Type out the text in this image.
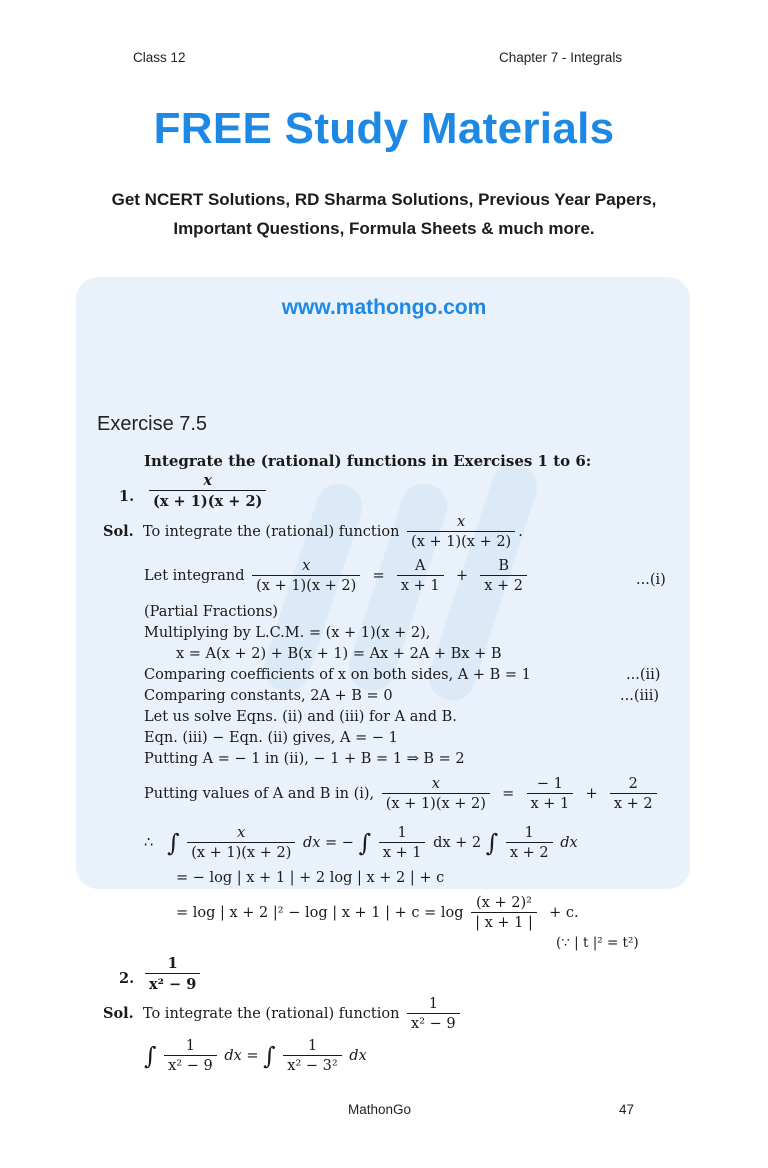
Class 12	Chapter 7 - Integrals
FREE Study Materials
Get NCERT Solutions, RD Sharma Solutions, Previous Year Papers,
Important Questions, Formula Sheets & much more.
www.mathongo.com
Exercise 7.5
Integrate the (rational) functions in Exercises 1 to 6:
1. $\frac{x}{(x + 1)(x + 2)}$
Sol. To integrate the (rational) function $\frac{x}{(x + 1)(x + 2)}$ .
Let integrand $\frac{x}{(x + 1)(x + 2)} = \frac{A}{x + 1} + \frac{B}{x + 2}$	...(i)
(Partial Fractions)
Multiplying by L.C.M. = (x + 1)(x + 2),
x = A(x + 2) + B(x + 1) = Ax + 2A + Bx + B
Comparing coefficients of x on both sides, A + B = 1	...(ii)
Comparing constants, 2A + B = 0	...(iii)
Let us solve Eqns. (ii) and (iii) for A and B.
Eqn. (iii) − Eqn. (ii) gives, A = − 1
Putting A = − 1 in (ii), − 1 + B = 1 ⇒ B = 2
Putting values of A and B in (i), $\frac{x}{(x + 1)(x + 2)} = \frac{- 1}{x + 1} + \frac{2}{x + 2}$
∴ ∫ $\frac{x}{(x + 1)(x + 2)}$ dx = − ∫ $\frac{1}{x + 1}$ dx + 2 ∫ $\frac{1}{x + 2}$ dx
= − log | x + 1 | + 2 log | x + 2 | + c
= log | x + 2 |² − log | x + 1 | + $c = \log \frac{\text{(x + 2)²}}{| x + 1 |} + c$.
(∵ | t |² = t²)
2. $\frac{1}{\text{x² − 9}}$
Sol. To integrate the (rational) function $\frac{1}{\text{x² − 9}}$
∫ $\frac{1}{\text{x² − 9}}$ dx = ∫ $\frac{1}{\text{x² − 3²}}$ dx
MathonGo	47
